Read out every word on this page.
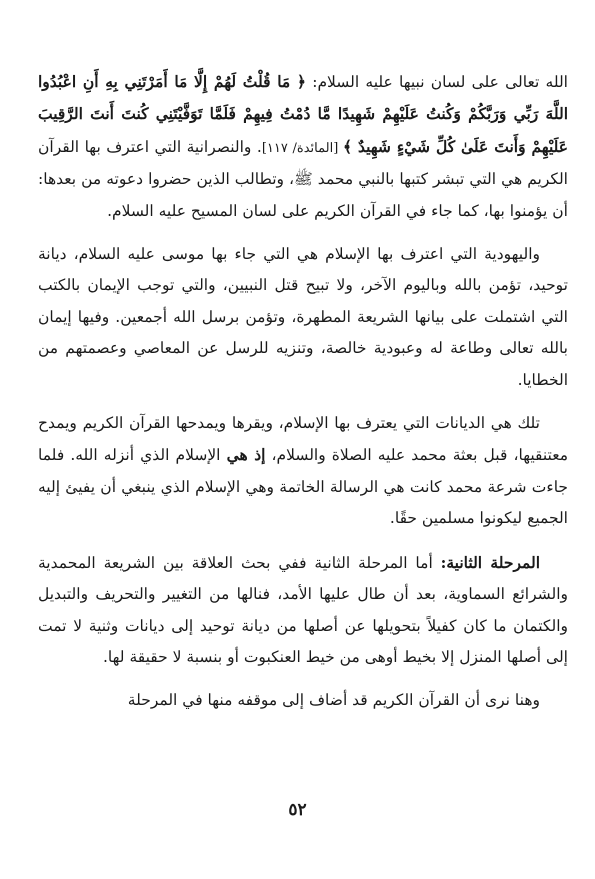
الله تعالى على لسان نبيها عليه السلام: ﴿ مَا قُلْتُ لَهُمْ إِلَّا مَا أَمَرْتَنِي بِهِ أَنِ اعْبُدُوا اللَّهَ رَبِّي وَرَبَّكُمْ وَكُنتُ عَلَيْهِمْ شَهِيدًا مَّا دُمْتُ فِيهِمْ فَلَمَّا تَوَفَّيْتَنِي كُنتَ أَنتَ الرَّقِيبَ عَلَيْهِمْ وَأَنتَ عَلَىٰ كُلِّ شَيْءٍ شَهِيدٌ ﴾ [المائدة/ ١١٧]. والنصرانية التي اعترف بها القرآن الكريم هي التي تبشر كتبها بالنبي محمد ﷺ، وتطالب الذين حضروا دعوته من بعدها: أن يؤمنوا بها، كما جاء في القرآن الكريم على لسان المسيح عليه السلام.

واليهودية التي اعترف بها الإسلام هي التي جاء بها موسى عليه السلام، ديانة توحيد، تؤمن بالله وباليوم الآخر، ولا تبيح قتل النبيين، والتي توجب الإيمان بالكتب التي اشتملت على بيانها الشريعة المطهرة، وتؤمن برسل الله أجمعين. وفيها إيمان بالله تعالى وطاعة له وعبودية خالصة، وتنزيه للرسل عن المعاصي وعصمتهم من الخطايا.

تلك هي الديانات التي يعترف بها الإسلام، ويقرها ويمدحها القرآن الكريم ويمدح معتنقيها، قبل بعثة محمد عليه الصلاة والسلام، إذ هي الإسلام الذي أنزله الله. فلما جاءت شرعة محمد كانت هي الرسالة الخاتمة وهي الإسلام الذي ينبغي أن يفيئ إليه الجميع ليكونوا مسلمين حقًا.

المرحلة الثانية: أما المرحلة الثانية ففي بحث العلاقة بين الشريعة المحمدية والشرائع السماوية، بعد أن طال عليها الأمد، فنالها من التغيير والتحريف والتبديل والكتمان ما كان كفيلاً بتحويلها عن أصلها من ديانة توحيد إلى ديانات وثنية لا تمت إلى أصلها المنزل إلا بخيط أوهى من خيط العنكبوت أو بنسبة لا حقيقة لها.

وهنا نرى أن القرآن الكريم قد أضاف إلى موقفه منها في المرحلة

٥٢
